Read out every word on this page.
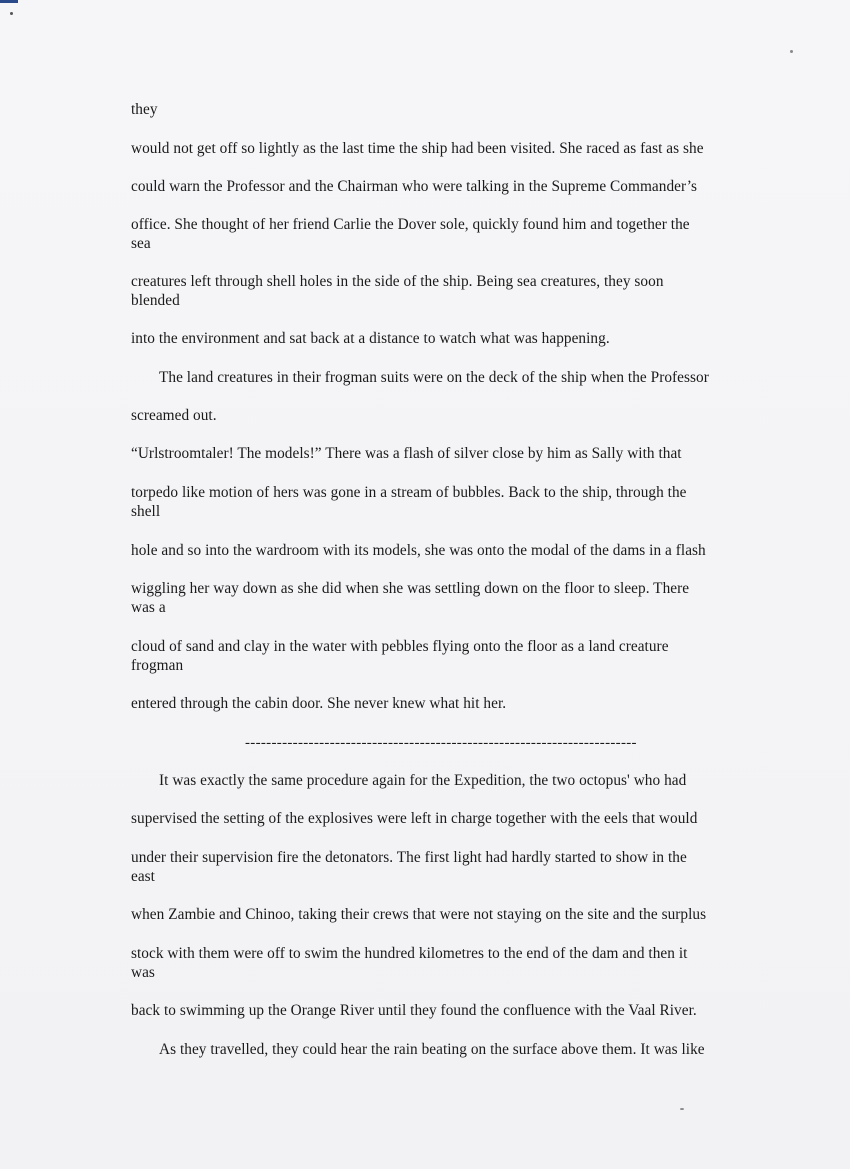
they
would not get off so lightly as the last time the ship had been visited. She raced as fast as she
could warn the Professor and the Chairman who were talking in the Supreme Commander’s
office. She thought of her friend Carlie the Dover sole, quickly found him and together the
sea
creatures left through shell holes in the side of the ship. Being sea creatures, they soon
blended
into the environment and sat back at a distance to watch what was happening.
The land creatures in their frogman suits were on the deck of the ship when the Professor
screamed out.
“Urlstroomtaler! The models!” There was a flash of silver close by him as Sally with that
torpedo like motion of hers was gone in a stream of bubbles. Back to the ship, through the
shell
hole and so into the wardroom with its models, she was onto the modal of the dams in a flash
wiggling her way down as she did when she was settling down on the floor to sleep. There
was a
cloud of sand and clay in the water with pebbles flying onto the floor as a land creature
frogman
entered through the cabin door. She never knew what hit her.
--------------------------------------------------------------------------
It was exactly the same procedure again for the Expedition, the two octopus' who had
supervised the setting of the explosives were left in charge together with the eels that would
under their supervision fire the detonators. The first light had hardly started to show in the
east
when Zambie and Chinoo, taking their crews that were not staying on the site and the surplus
stock with them were off to swim the hundred kilometres to the end of the dam and then it
was
back to swimming up the Orange River until they found the confluence with the Vaal River.
As they travelled, they could hear the rain beating on the surface above them. It was like
